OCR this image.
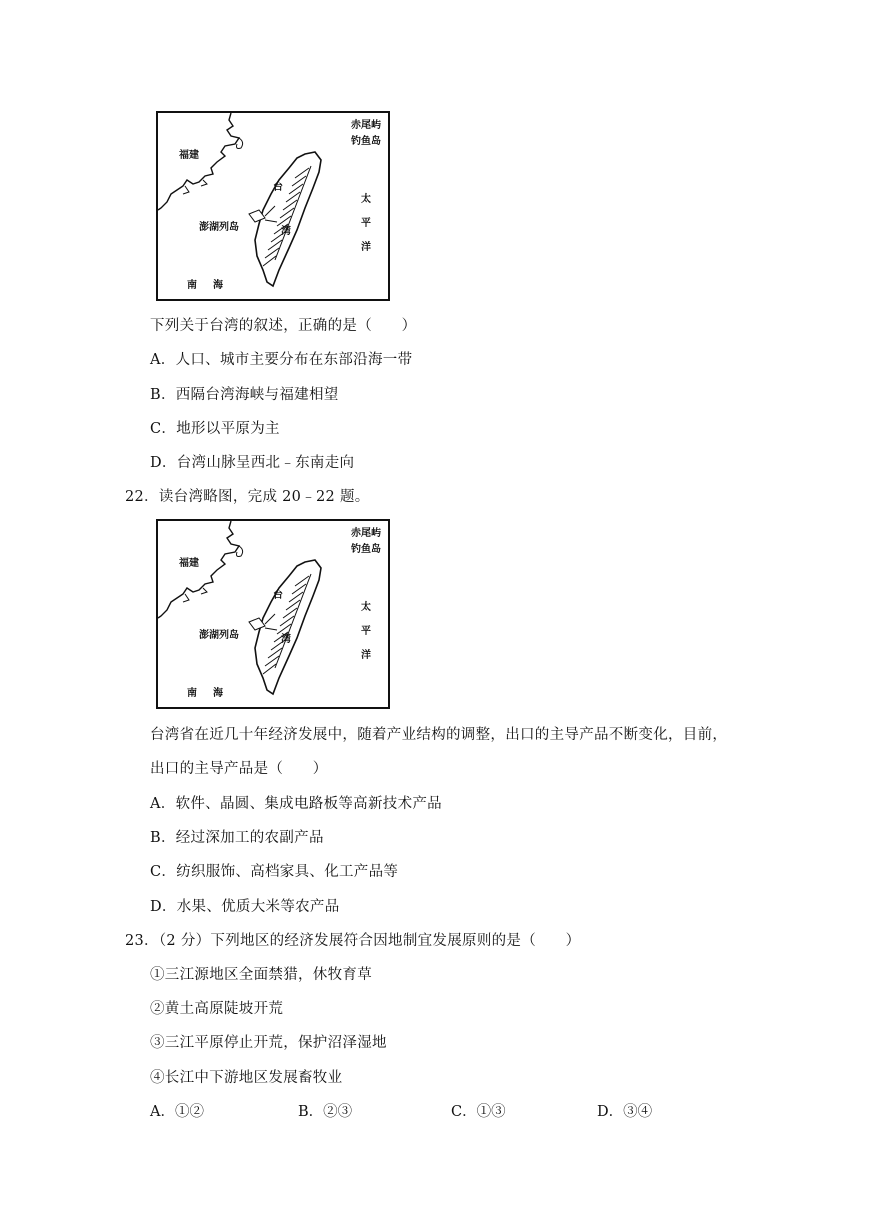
福建
赤尾屿
钓鱼岛
台
湾
澎湖列岛
太
平
洋
南 海
下列关于台湾的叙述，正确的是（　　）
A．人口、城市主要分布在东部沿海一带
B．西隔台湾海峡与福建相望
C．地形以平原为主
D．台湾山脉呈西北﹣东南走向
22．读台湾略图，完成 20﹣22 题。
福建
赤尾屿
钓鱼岛
台
湾
澎湖列岛
太
平
洋
南 海
台湾省在近几十年经济发展中，随着产业结构的调整，出口的主导产品不断变化，目前，
出口的主导产品是（　　）
A．软件、晶圆、集成电路板等高新技术产品
B．经过深加工的农副产品
C．纺织服饰、高档家具、化工产品等
D．水果、优质大米等农产品
23．（2 分）下列地区的经济发展符合因地制宜发展原则的是（　　）
①三江源地区全面禁猎，休牧育草
②黄土高原陡坡开荒
③三江平原停止开荒，保护沼泽湿地
④长江中下游地区发展畜牧业
A．①②	B．②③	C．①③	D．③④
